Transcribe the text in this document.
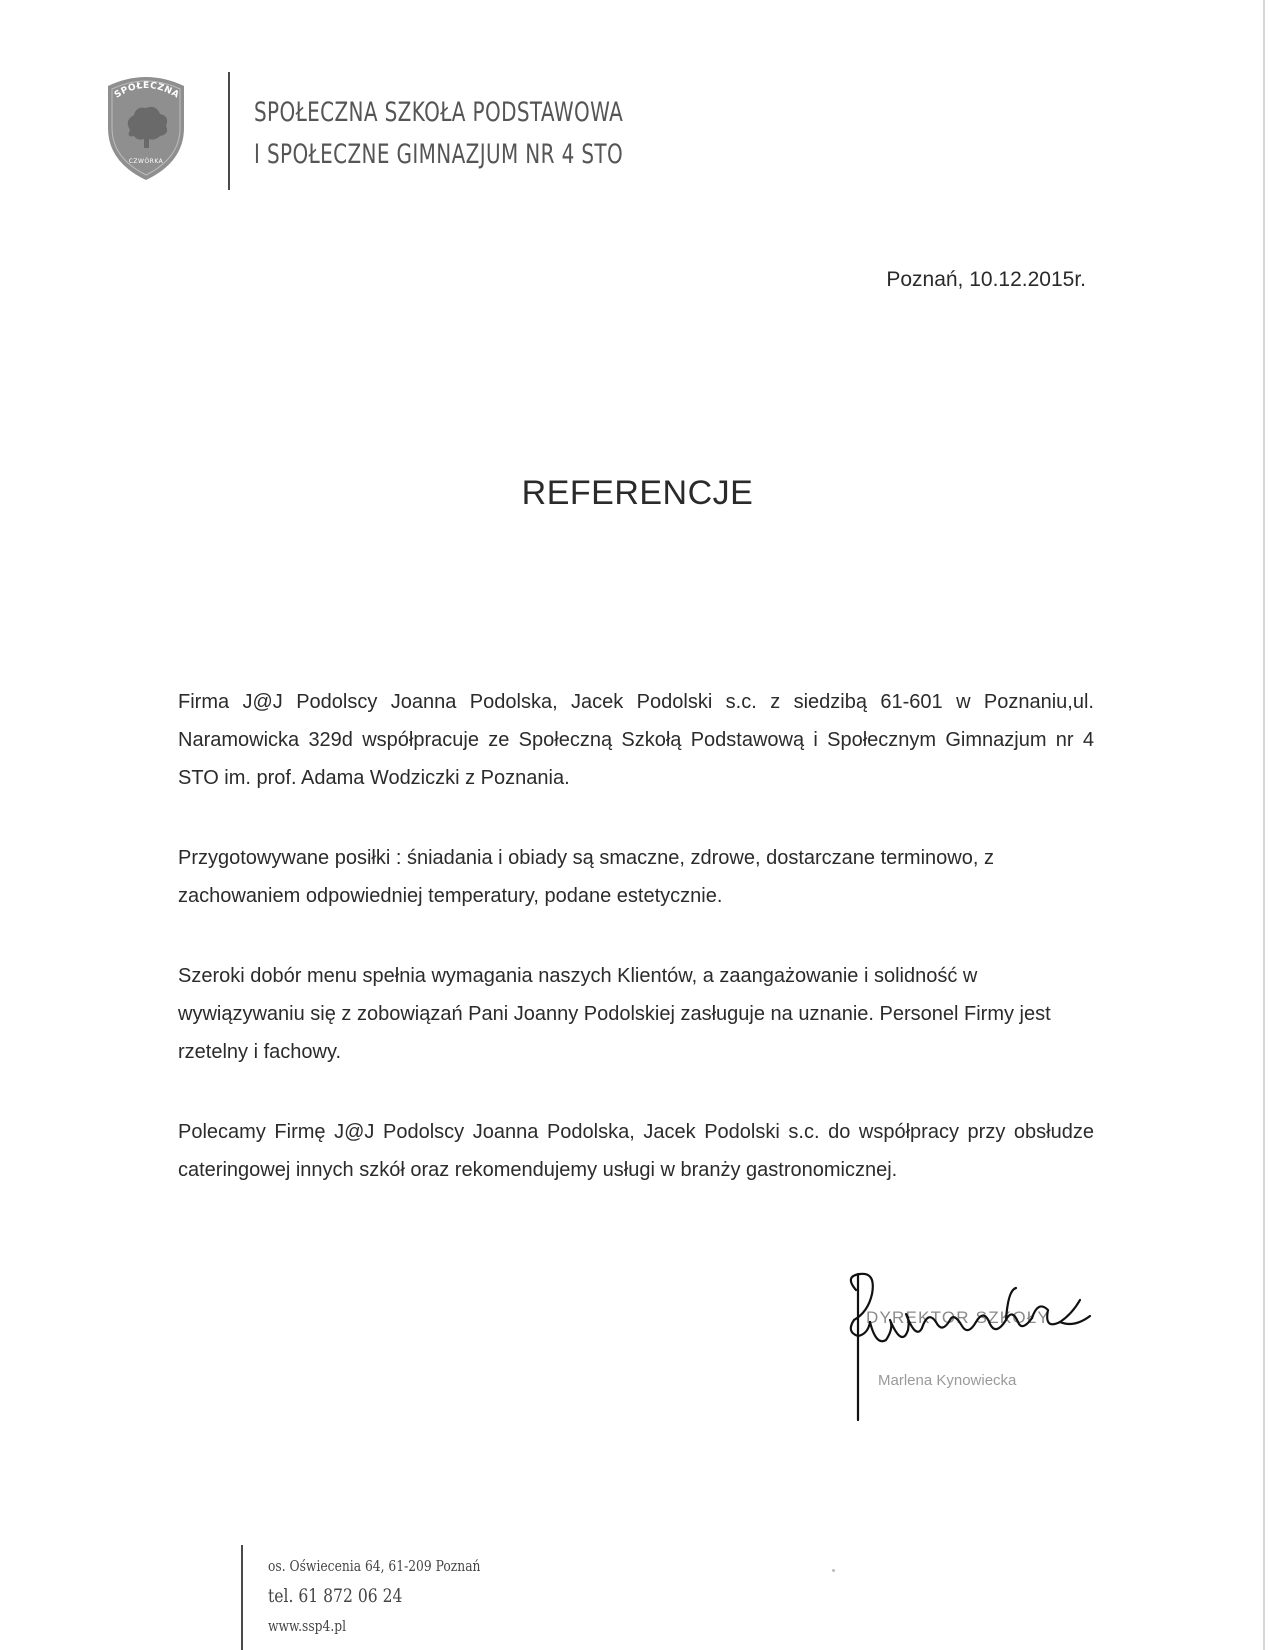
SPOŁECZNA
CZWÓRKA
SPOŁECZNA SZKOŁA PODSTAWOWA
I SPOŁECZNE GIMNAZJUM NR 4 STO
Poznań, 10.12.2015r.
REFERENCJE

Firma J@J Podolscy Joanna Podolska, Jacek Podolski s.c. z siedzibą 61-601 w Poznaniu,ul. Naramowicka 329d współpracuje ze Społeczną Szkołą Podstawową i Społecznym Gimnazjum nr 4 STO im. prof. Adama Wodziczki z Poznania.

Przygotowywane posiłki : śniadania i obiady są smaczne, zdrowe, dostarczane terminowo, z zachowaniem odpowiedniej temperatury, podane estetycznie.

Szeroki dobór menu spełnia wymagania naszych Klientów, a zaangażowanie i solidność w wywiązywaniu się z zobowiązań Pani Joanny Podolskiej zasługuje na uznanie. Personel Firmy jest rzetelny i fachowy.

Polecamy Firmę J@J Podolscy Joanna Podolska, Jacek Podolski s.c. do współpracy przy obsłudze cateringowej innych szkół oraz rekomendujemy usługi w branży gastronomicznej.

DYREKTOR SZKOŁY
Marlena Kynowiecka
os. Oświecenia 64, 61-209 Poznań
tel. 61 872 06 24
www.ssp4.pl
